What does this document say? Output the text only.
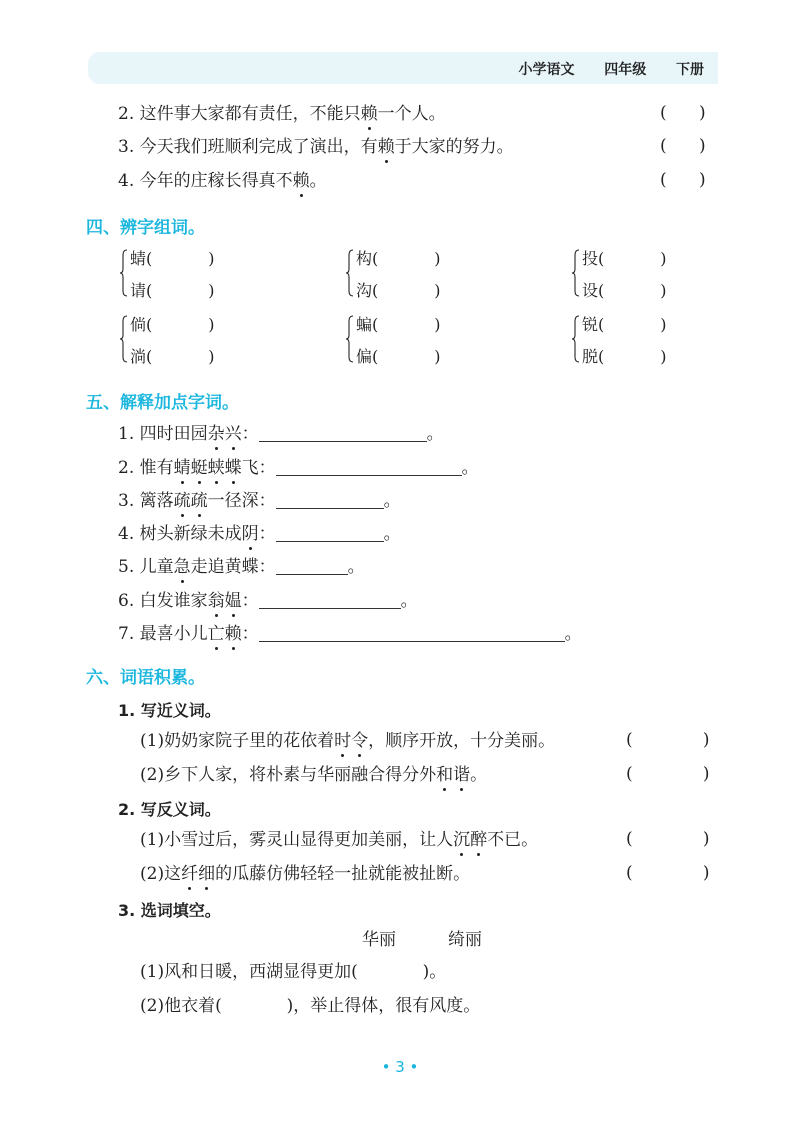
小学语文  四年级  下册
2. 这件事大家都有责任，不能只赖一个人。	(      )
3. 今天我们班顺利完成了演出，有赖于大家的努力。	(      )
4. 今年的庄稼长得真不赖。	(      )
四、辨字组词。
蜻(           )
请(           )
构(           )
沟(           )
投(           )
设(           )
倘(           )
淌(           )
蝙(           )
偏(           )
锐(           )
脱(           )
五、解释加点字词。
1. 四时田园杂兴：	。
2. 惟有蜻蜓蛱蝶飞：	。
3. 篱落疏疏一径深：	。
4. 树头新绿未成阴：	。
5. 儿童急走追黄蝶：	。
6. 白发谁家翁媪：	。
7. 最喜小儿亡赖：	。
六、词语积累。
1. 写近义词。
(1)奶奶家院子里的花依着时令，顺序开放，十分美丽。	(             )
(2)乡下人家，将朴素与华丽融合得分外和谐。	(             )
2. 写反义词。
(1)小雪过后，雾灵山显得更加美丽，让人沉醉不已。	(             )
(2)这纤细的瓜藤仿佛轻轻一扯就能被扯断。	(             )
3. 选词填空。
华丽	绮丽
(1)风和日暖，西湖显得更加(	)。
(2)他衣着(	)，举止得体，很有风度。
• 3 •
